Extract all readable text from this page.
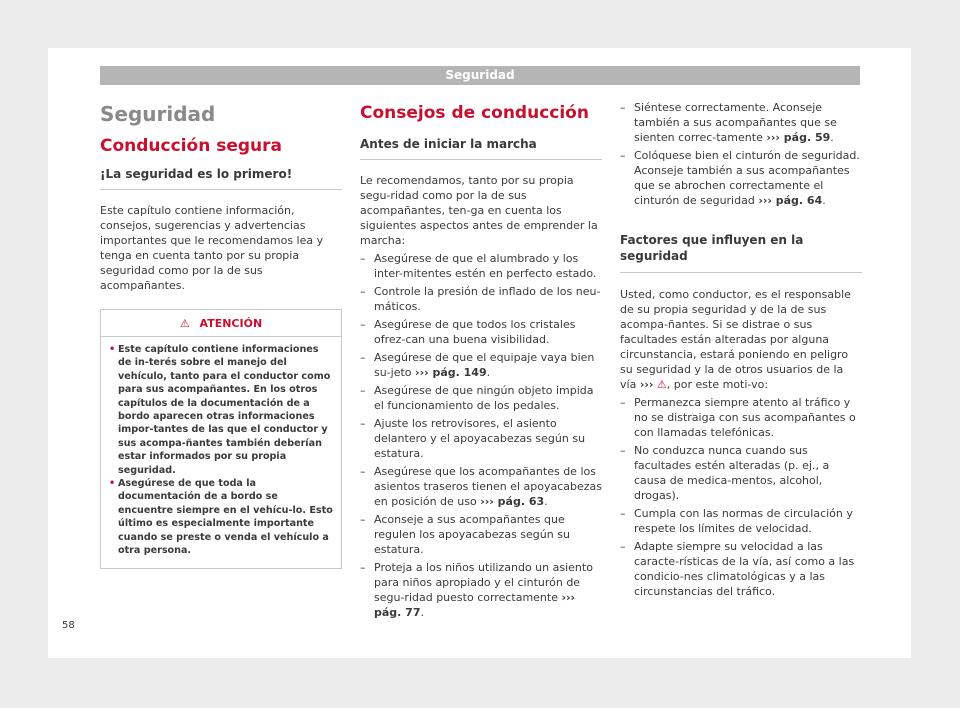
Seguridad
Seguridad
Conducción segura
¡La seguridad es lo primero!
Este capítulo contiene información, consejos, sugerencias y advertencias importantes que le recomendamos lea y tenga en cuenta tanto por su propia seguridad como por la de sus acompañantes.
⚠ ATENCIÓN
• Este capítulo contiene informaciones de in-terés sobre el manejo del vehículo, tanto para el conductor como para sus acompañantes. En los otros capítulos de la documentación de a bordo aparecen otras informaciones impor-tantes de las que el conductor y sus acompa-ñantes también deberían estar informados por su propia seguridad.
• Asegúrese de que toda la documentación de a bordo se encuentre siempre en el vehícu-lo. Esto último es especialmente importante cuando se preste o venda el vehículo a otra persona.
Consejos de conducción
Antes de iniciar la marcha
Le recomendamos, tanto por su propia segu-ridad como por la de sus acompañantes, ten-ga en cuenta los siguientes aspectos antes de emprender la marcha:
– Asegúrese de que el alumbrado y los inter-mitentes estén en perfecto estado.
– Controle la presión de inflado de los neu-máticos.
– Asegúrese de que todos los cristales ofrez-can una buena visibilidad.
– Asegúrese de que el equipaje vaya bien su-jeto ››› pág. 149.
– Asegúrese de que ningún objeto impida el funcionamiento de los pedales.
– Ajuste los retrovisores, el asiento delantero y el apoyacabezas según su estatura.
– Asegúrese que los acompañantes de los asientos traseros tienen el apoyacabezas en posición de uso ››› pág. 63.
– Aconseje a sus acompañantes que regulen los apoyacabezas según su estatura.
– Proteja a los niños utilizando un asiento para niños apropiado y el cinturón de segu-ridad puesto correctamente ››› pág. 77.
– Siéntese correctamente. Aconseje también a sus acompañantes que se sienten correc-tamente ››› pág. 59.
– Colóquese bien el cinturón de seguridad. Aconseje también a sus acompañantes que se abrochen correctamente el cinturón de seguridad ››› pág. 64.
Factores que influyen en la seguridad
Usted, como conductor, es el responsable de su propia seguridad y de la de sus acompa-ñantes. Si se distrae o sus facultades están alteradas por alguna circunstancia, estará poniendo en peligro su seguridad y la de otros usuarios de la vía ››› ⚠, por este moti-vo:
– Permanezca siempre atento al tráfico y no se distraiga con sus acompañantes o con llamadas telefónicas.
– No conduzca nunca cuando sus facultades estén alteradas (p. ej., a causa de medica-mentos, alcohol, drogas).
– Cumpla con las normas de circulación y respete los límites de velocidad.
– Adapte siempre su velocidad a las caracte-rísticas de la vía, así como a las condicio-nes climatológicas y a las circunstancias del tráfico.
58
